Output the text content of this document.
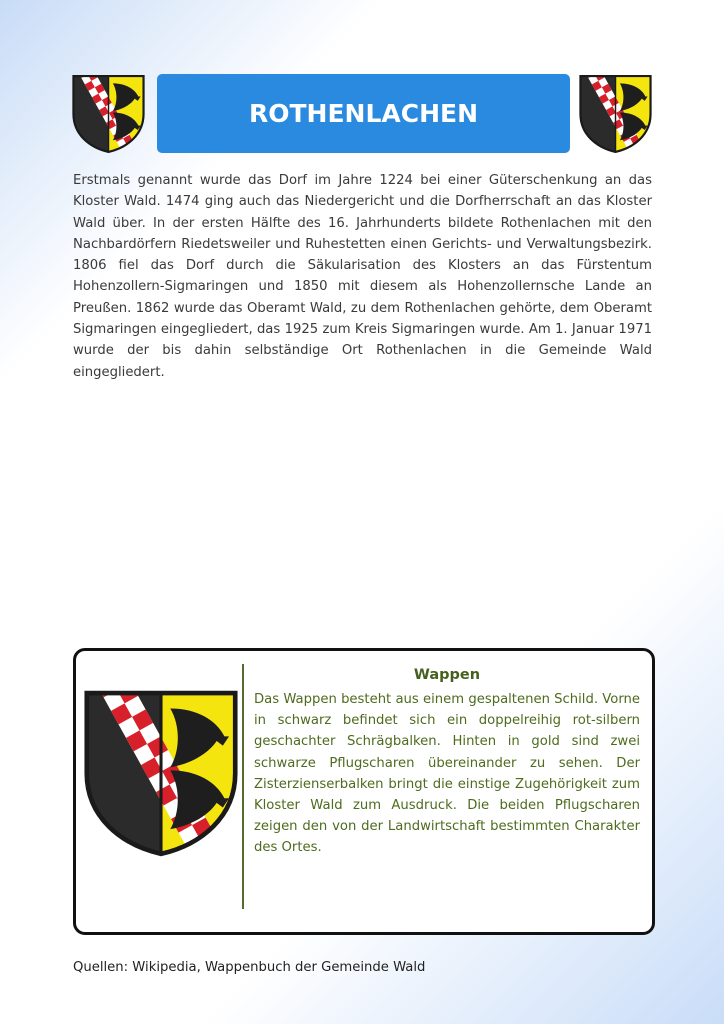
ROTHENLACHEN
Erstmals genannt wurde das Dorf im Jahre 1224 bei einer Güterschenkung an das Kloster Wald. 1474 ging auch das Niedergericht und die Dorfherrschaft an das Kloster Wald über. In der ersten Hälfte des 16. Jahrhunderts bildete Rothenlachen mit den Nachbardörfern Riedetsweiler und Ruhestetten einen Gerichts- und Verwaltungsbezirk. 1806 fiel das Dorf durch die Säkularisation des Klosters an das Fürstentum Hohenzollern-Sigmaringen und 1850 mit diesem als Hohenzollernsche Lande an Preußen. 1862 wurde das Oberamt Wald, zu dem Rothenlachen gehörte, dem Oberamt Sigmaringen eingegliedert, das 1925 zum Kreis Sigmaringen wurde. Am 1. Januar 1971 wurde der bis dahin selbständige Ort Rothenlachen in die Gemeinde Wald eingegliedert.
Wappen
Das Wappen besteht aus einem gespaltenen Schild. Vorne in schwarz befindet sich ein doppelreihig rot-silbern geschachter Schrägbalken. Hinten in gold sind zwei schwarze Pflugscharen übereinander zu sehen. Der Zisterzienserbalken bringt die einstige Zugehörigkeit zum Kloster Wald zum Ausdruck. Die beiden Pflugscharen zeigen den von der Landwirtschaft bestimmten Charakter des Ortes.
Quellen: Wikipedia, Wappenbuch der Gemeinde Wald
